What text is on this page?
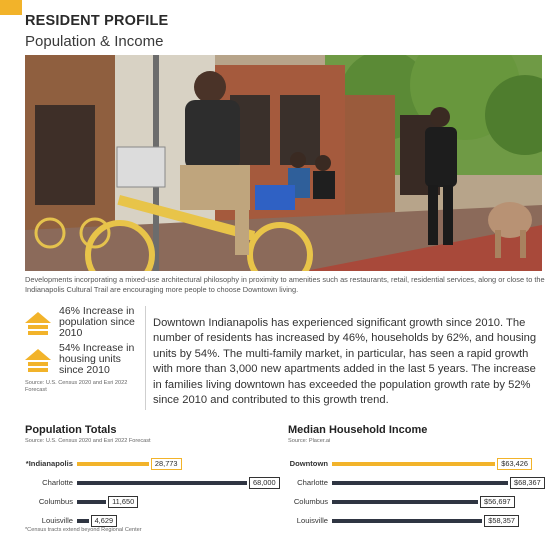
RESIDENT PROFILE
Population & Income
Developments incorporating a mixed-use architectural philosophy in proximity to amenities such as restaurants, retail, residential services, along or close to the Indianapolis Cultural Trail are encouraging more people to choose Downtown living.
46% Increase in population since 2010
54% Increase in housing units since 2010
Source: U.S. Census 2020 and Esri 2022 Forecast
Downtown Indianapolis has experienced significant growth since 2010. The number of residents has increased by 46%, households by 62%, and housing units by 54%. The multi-family market, in particular, has seen a rapid growth with more than 3,000 new apartments added in the last 5 years. The increase in families living downtown has exceeded the population growth rate by 52% since 2010 and contributed to this growth trend.
Population Totals
Source: U.S. Census 2020 and Esri 2022 Forecast
*Indianapolis	28,773
Charlotte	68,000
Columbus	11,650
Louisville	4,629
Median Household Income
Source: Placer.ai
Downtown	$63,426
Charlotte	$68,367
Columbus	$56,697
Louisville	$58,357
*Census tracts extend beyond Regional Center
